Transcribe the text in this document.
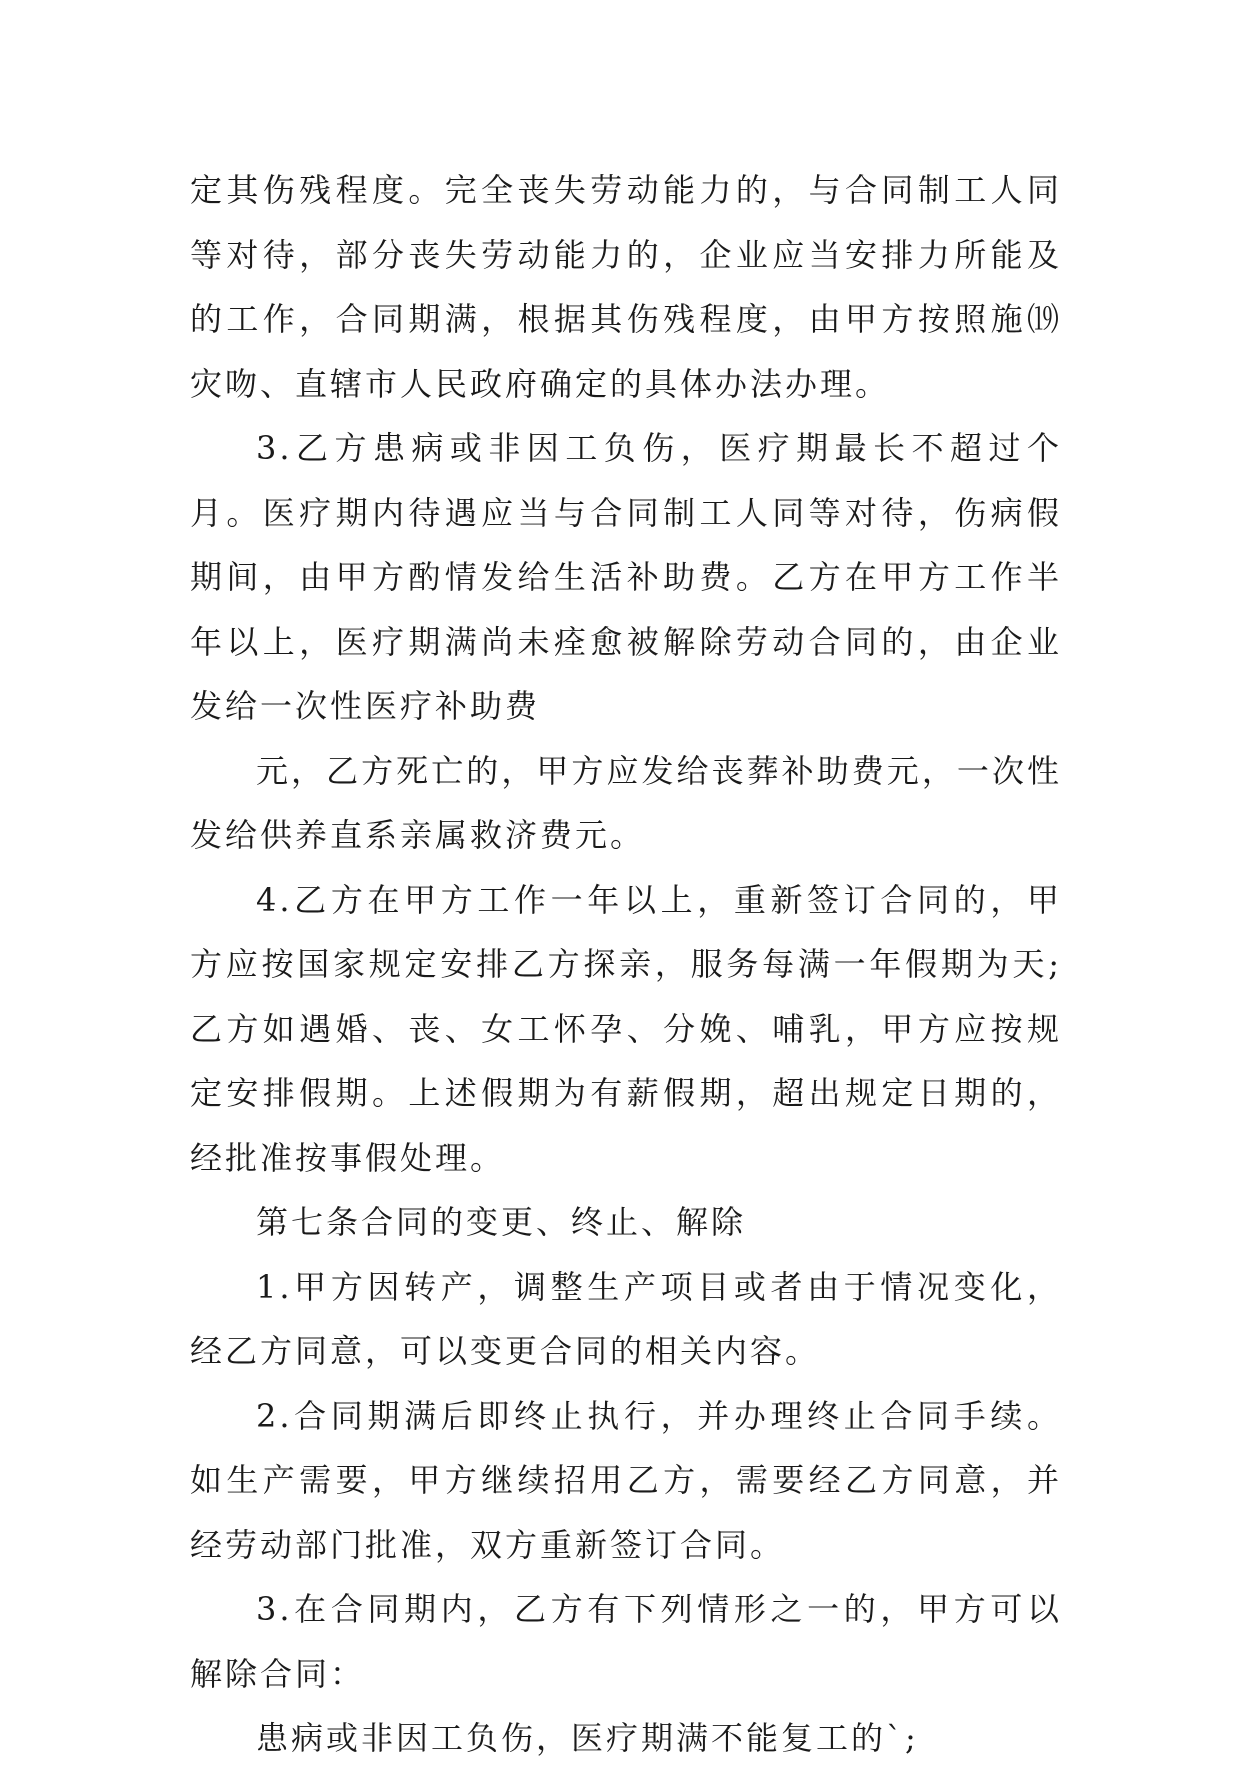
定其伤残程度。完全丧失劳动能力的，与合同制工人同等对待，部分丧失劳动能力的，企业应当安排力所能及的工作，合同期满，根据其伤残程度，由甲方按照施⒆灾吻、直辖市人民政府确定的具体办法办理。

3.乙方患病或非因工负伤，医疗期最长不超过个月。医疗期内待遇应当与合同制工人同等对待，伤病假期间，由甲方酌情发给生活补助费。乙方在甲方工作半年以上，医疗期满尚未痊愈被解除劳动合同的，由企业发给一次性医疗补助费

元，乙方死亡的，甲方应发给丧葬补助费元，一次性发给供养直系亲属救济费元。

4.乙方在甲方工作一年以上，重新签订合同的，甲方应按国家规定安排乙方探亲，服务每满一年假期为天;乙方如遇婚、丧、女工怀孕、分娩、哺乳，甲方应按规定安排假期。上述假期为有薪假期，超出规定日期的，经批准按事假处理。

第七条合同的变更、终止、解除

1.甲方因转产，调整生产项目或者由于情况变化，经乙方同意，可以变更合同的相关内容。

2.合同期满后即终止执行，并办理终止合同手续。如生产需要，甲方继续招用乙方，需要经乙方同意，并经劳动部门批准，双方重新签订合同。

3.在合同期内，乙方有下列情形之一的，甲方可以解除合同：

患病或非因工负伤，医疗期满不能复工的`;
